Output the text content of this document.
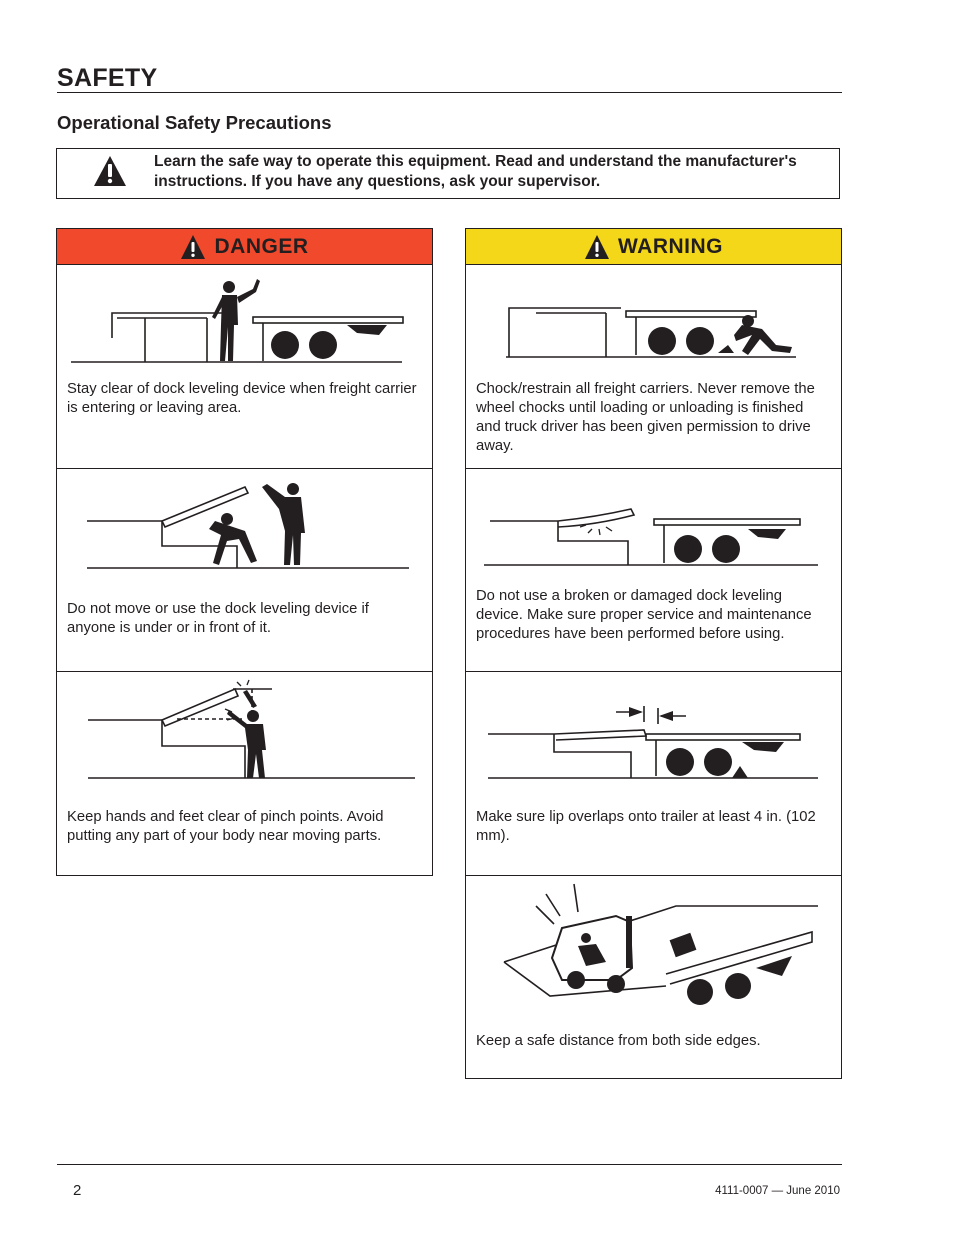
SAFETY
Operational Safety Precautions
Learn the safe way to operate this equipment. Read and understand the manufacturer's instructions. If you have any questions, ask your supervisor.
DANGER
Stay clear of dock leveling device when freight carrier is entering or leaving area.
Do not move or use the dock leveling device if anyone is under or in front of it.
Keep hands and feet clear of pinch points. Avoid putting any part of your body near moving parts.
WARNING
Chock/restrain all freight carriers. Never remove the wheel chocks until loading or unloading is finished and truck driver has been given permission to drive away.
Do not use a broken or damaged dock leveling device. Make sure proper service and maintenance procedures have been performed before using.
Make sure lip overlaps onto trailer at least 4 in. (102 mm).
Keep a safe distance from both side edges.
2	4111-0007 — June 2010
